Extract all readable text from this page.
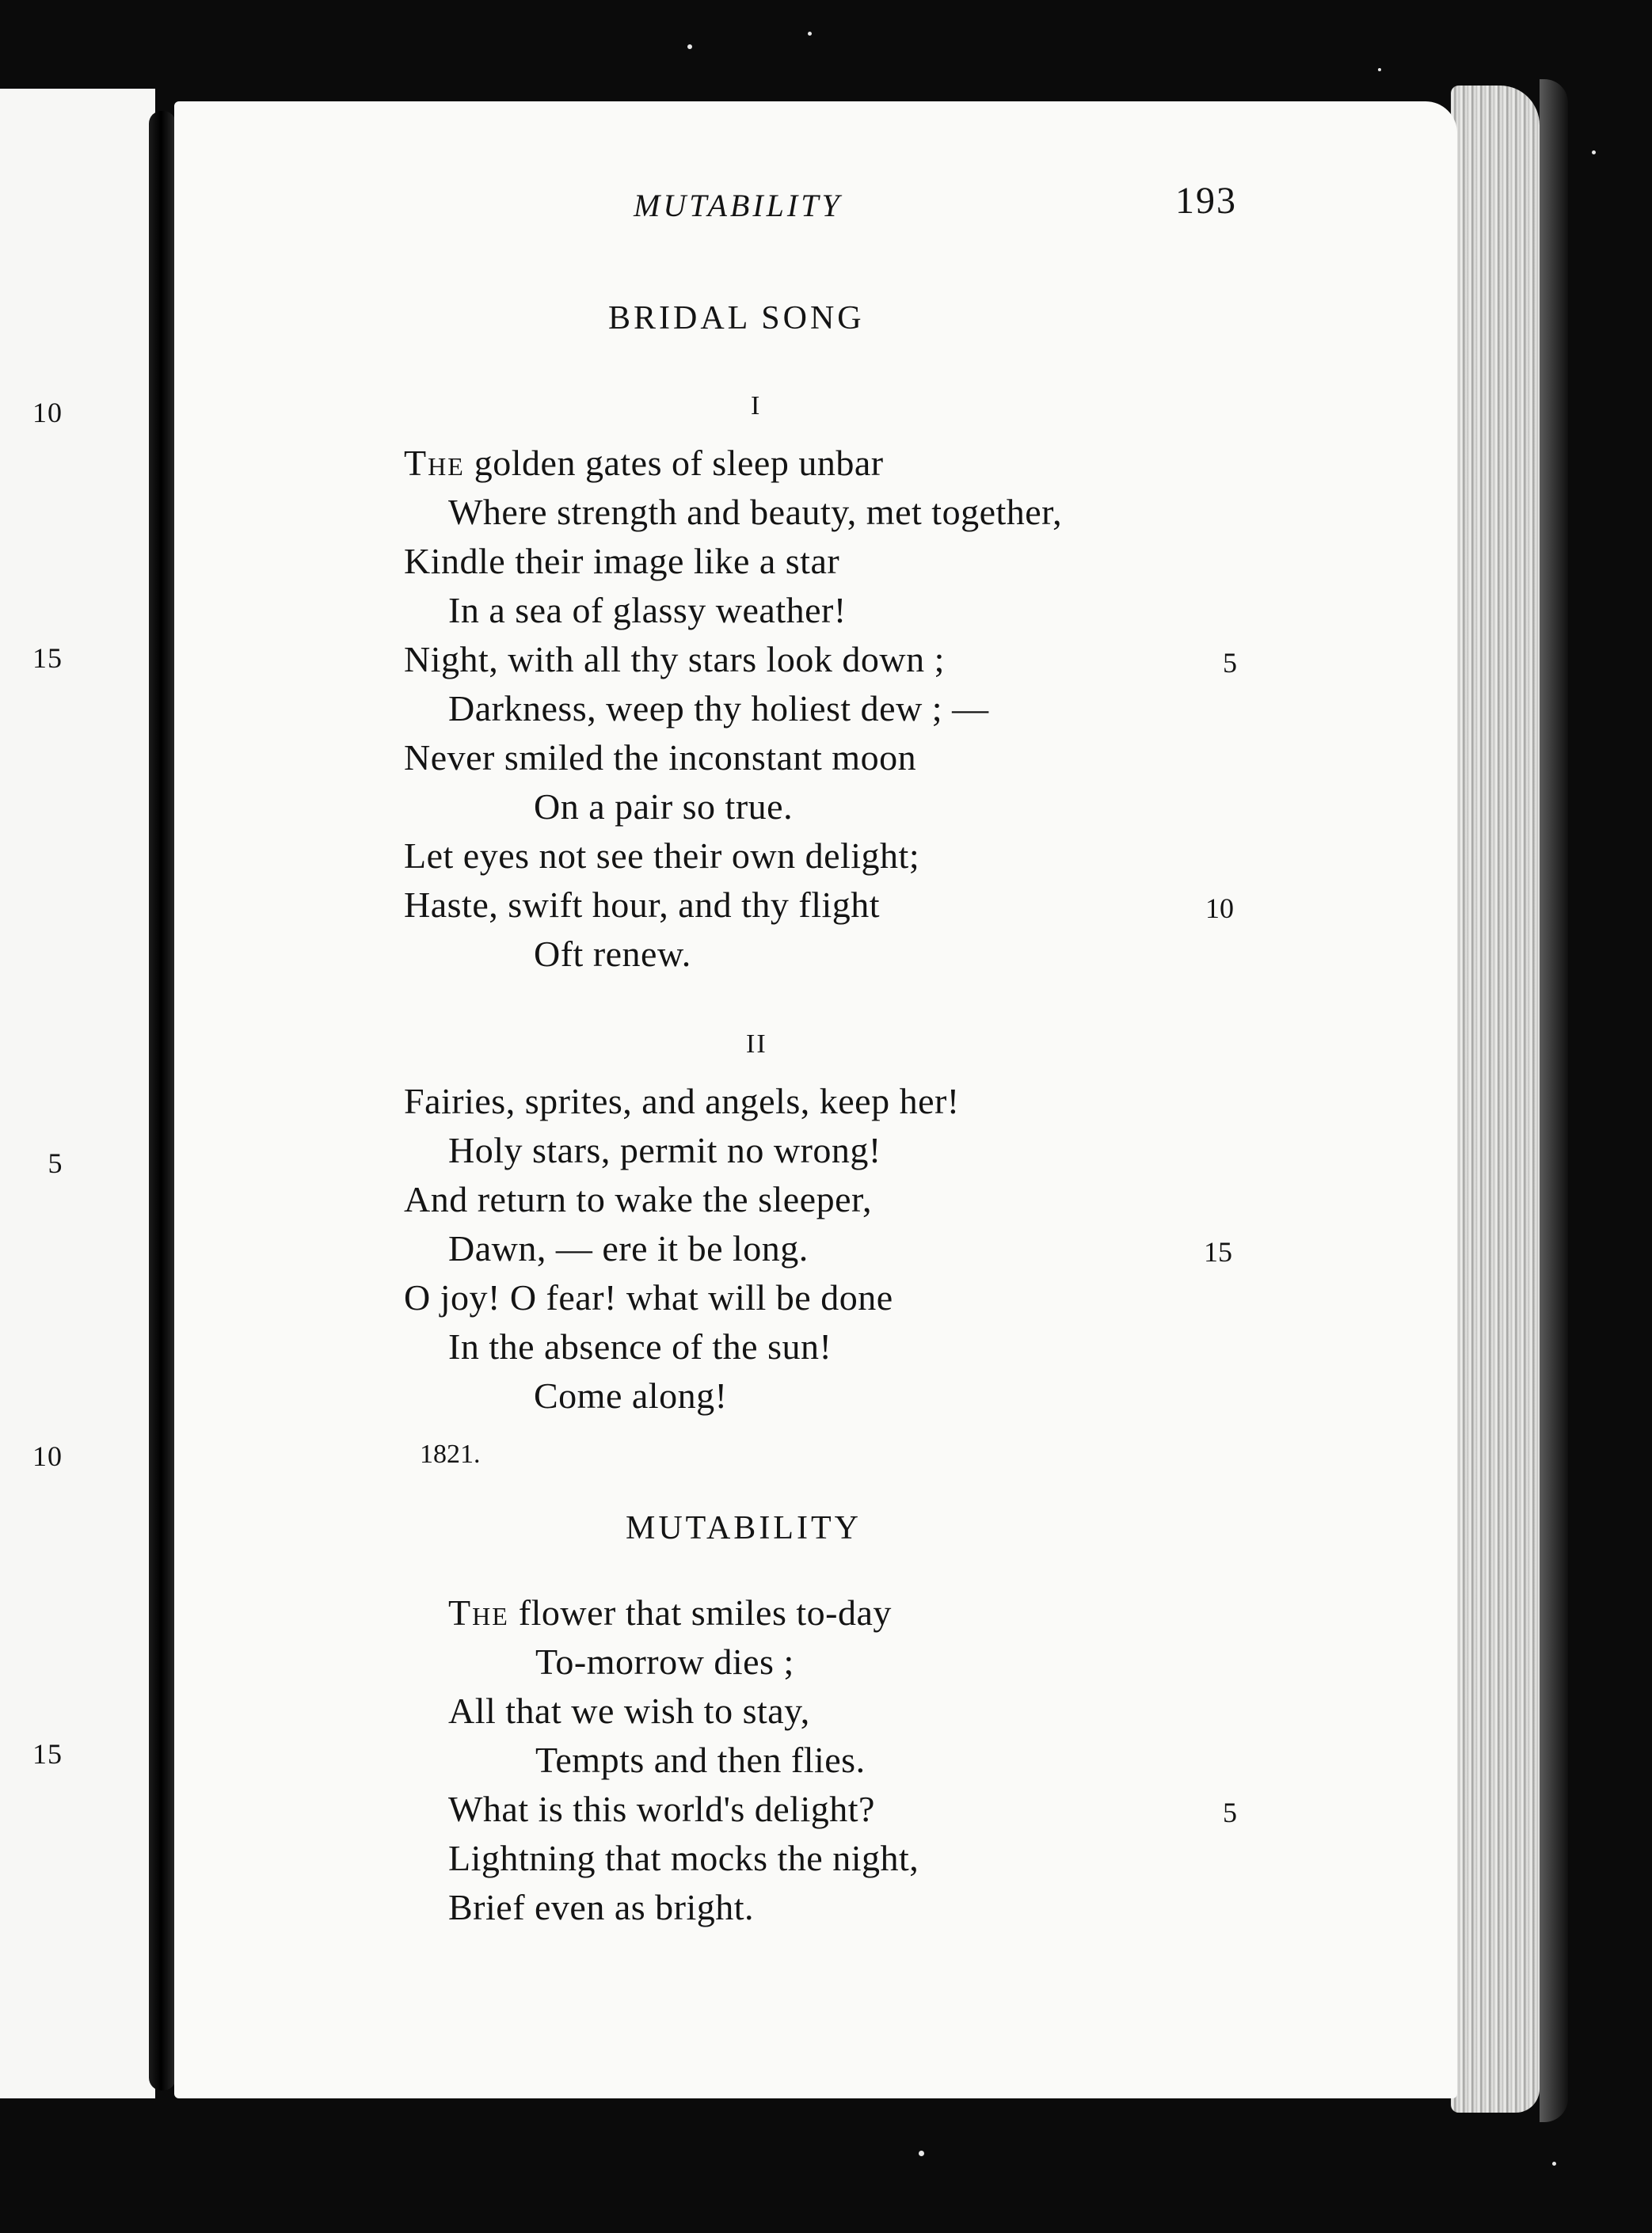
10
15
5
10
15
MUTABILITY	193
BRIDAL SONG
I
The golden gates of sleep unbar
Where strength and beauty, met together,
Kindle their image like a star
In a sea of glassy weather!
Night, with all thy stars look down ;	5
Darkness, weep thy holiest dew ; —
Never smiled the inconstant moon
On a pair so true.
Let eyes not see their own delight;
Haste, swift hour, and thy flight	10
Oft renew.
II
Fairies, sprites, and angels, keep her!
Holy stars, permit no wrong!
And return to wake the sleeper,
Dawn, — ere it be long.	15
O joy! O fear! what will be done
In the absence of the sun!
Come along!
1821.
MUTABILITY
The flower that smiles to-day
To-morrow dies ;
All that we wish to stay,
Tempts and then flies.
What is this world's delight?	5
Lightning that mocks the night,
Brief even as bright.
